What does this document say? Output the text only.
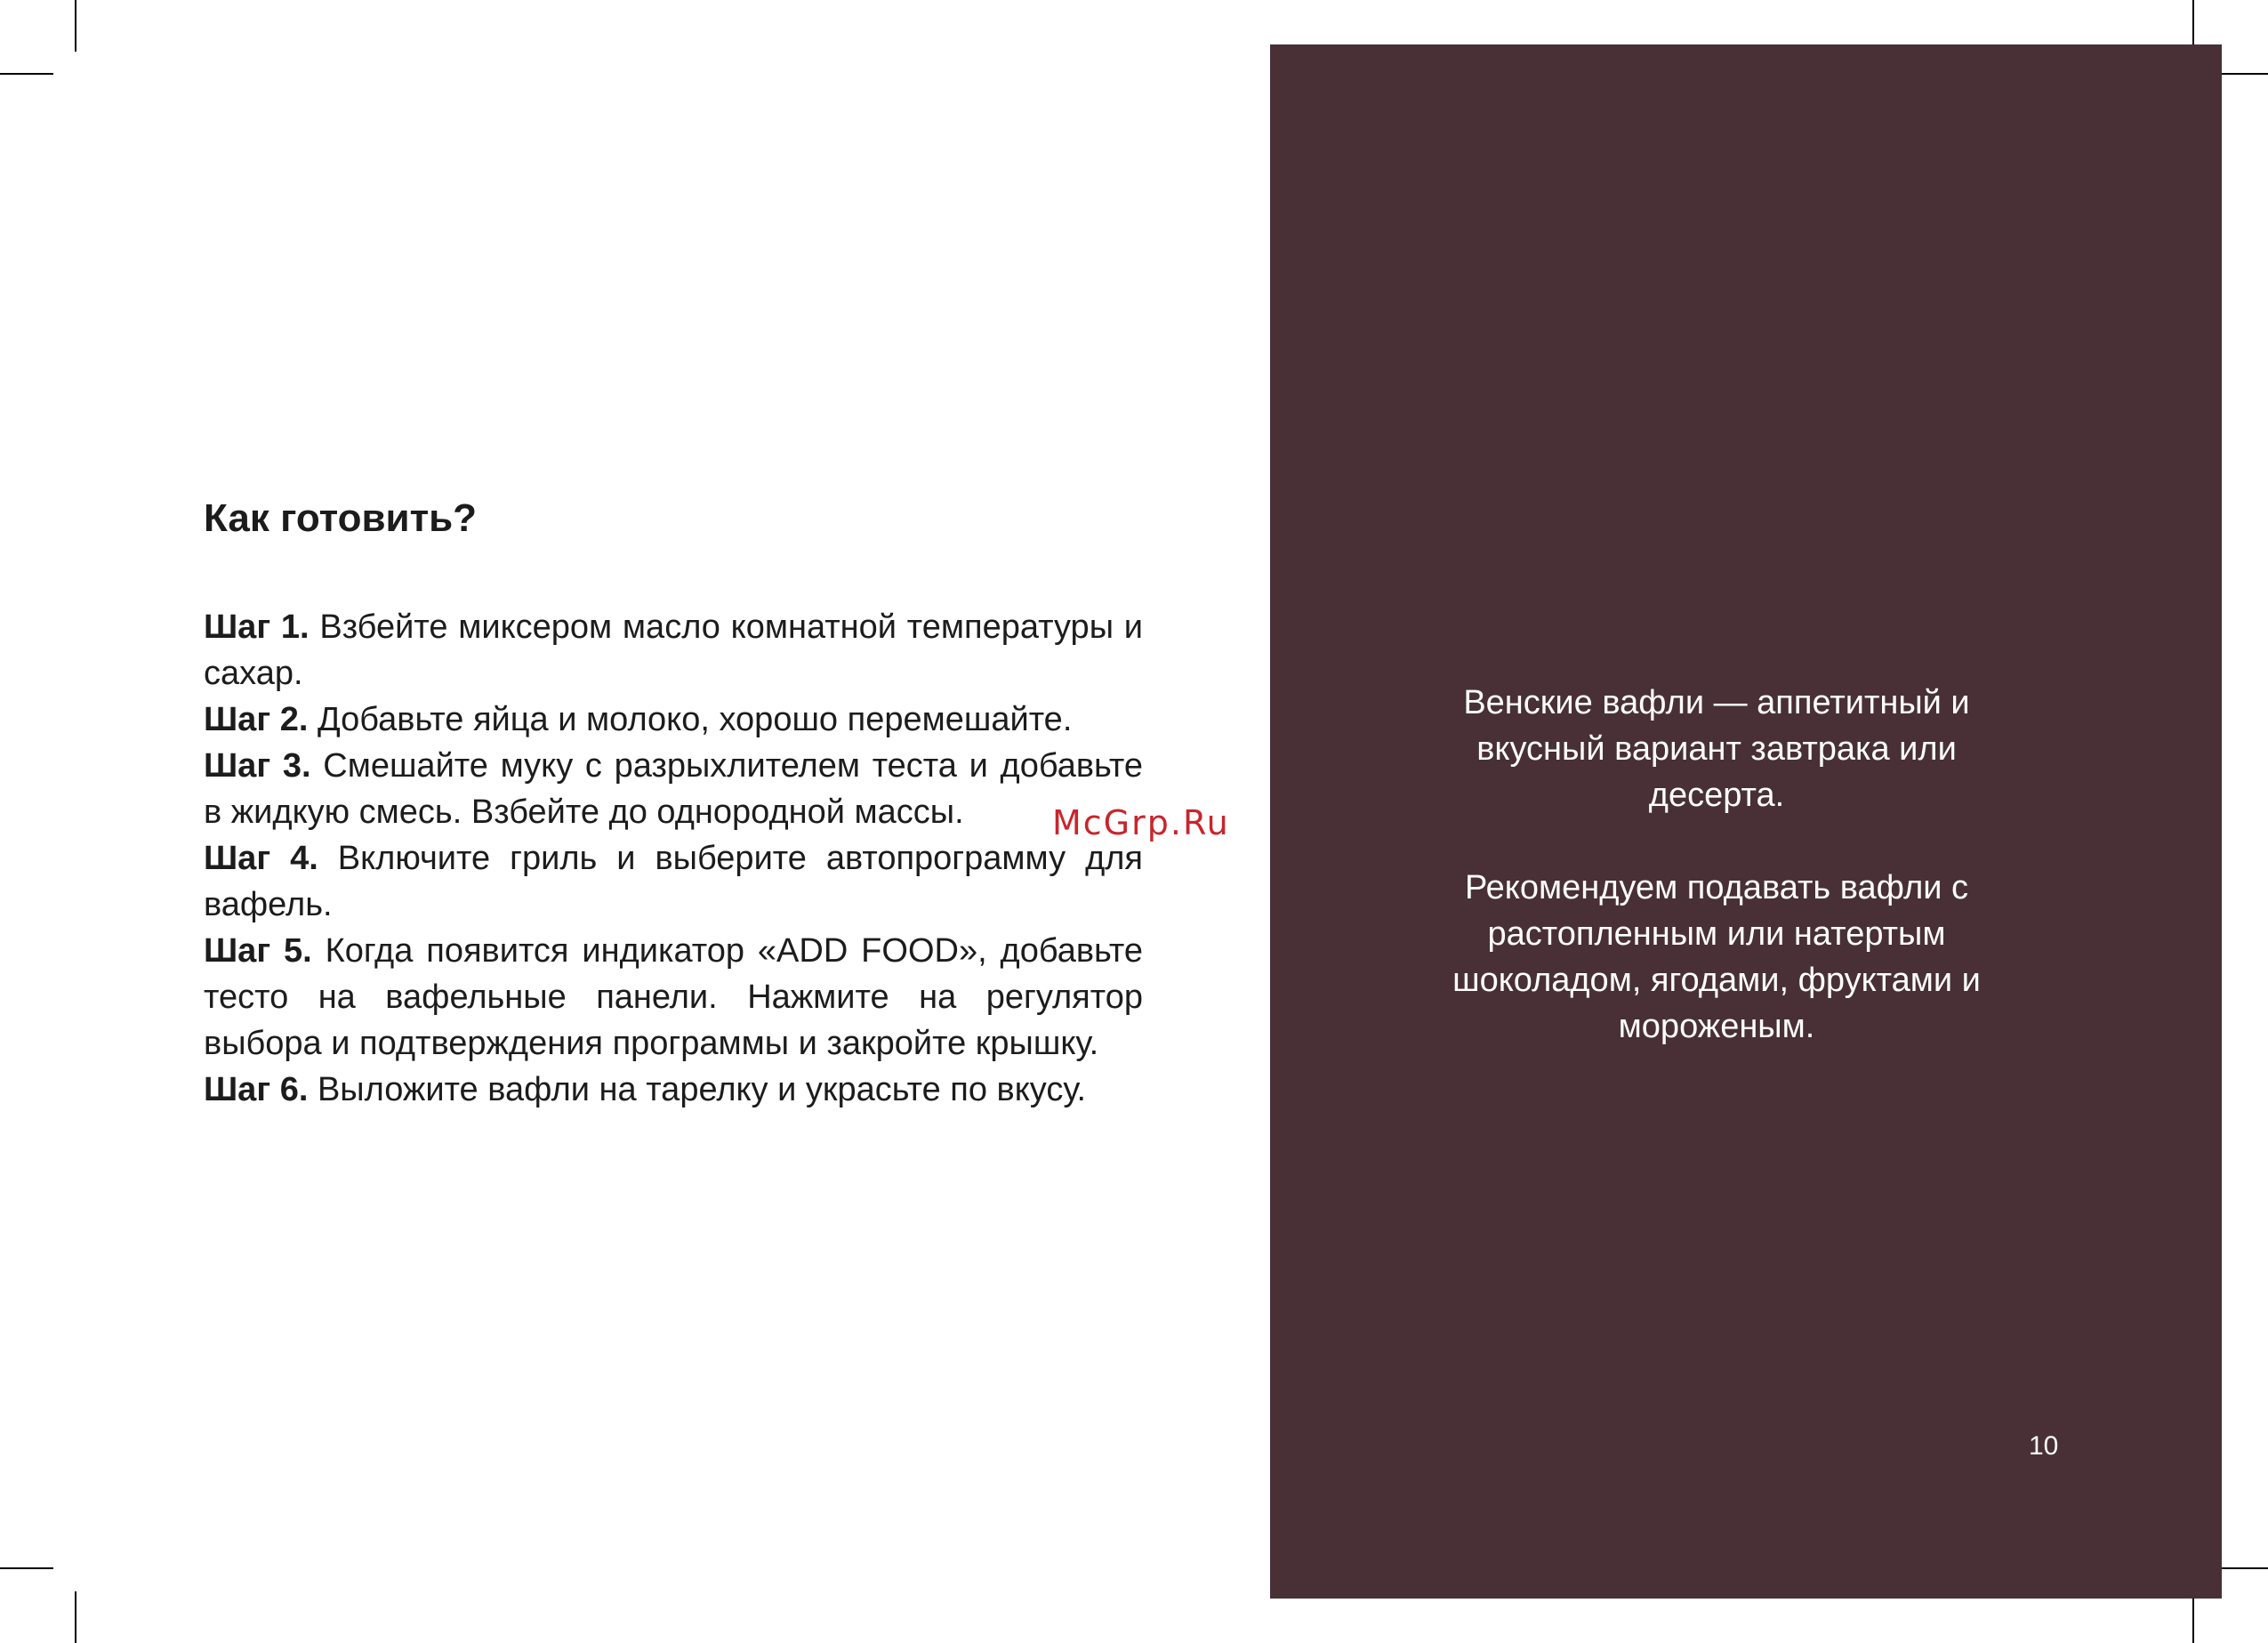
Как готовить?

Шаг 1. Взбейте миксером масло комнатной температуры и сахар.

Шаг 2. Добавьте яйца и молоко, хорошо перемешайте.

Шаг 3. Смешайте муку с разрыхлителем теста и добавьте в жидкую смесь. Взбейте до однородной массы.

Шаг 4. Включите гриль и выберите автопрограмму для вафель.

Шаг 5. Когда появится индикатор «ADD FOOD», добавьте тесто на вафельные панели. Нажмите на регулятор выбора и подтверждения программы и закройте крышку.

Шаг 6. Выложите вафли на тарелку и украсьте по вкусу.

McGrp.Ru

Венские вафли — аппетитный и вкусный вариант завтрака или десерта.

Рекомендуем подавать вафли с растопленным или натертым шоколадом, ягодами, фруктами и мороженым.

10
